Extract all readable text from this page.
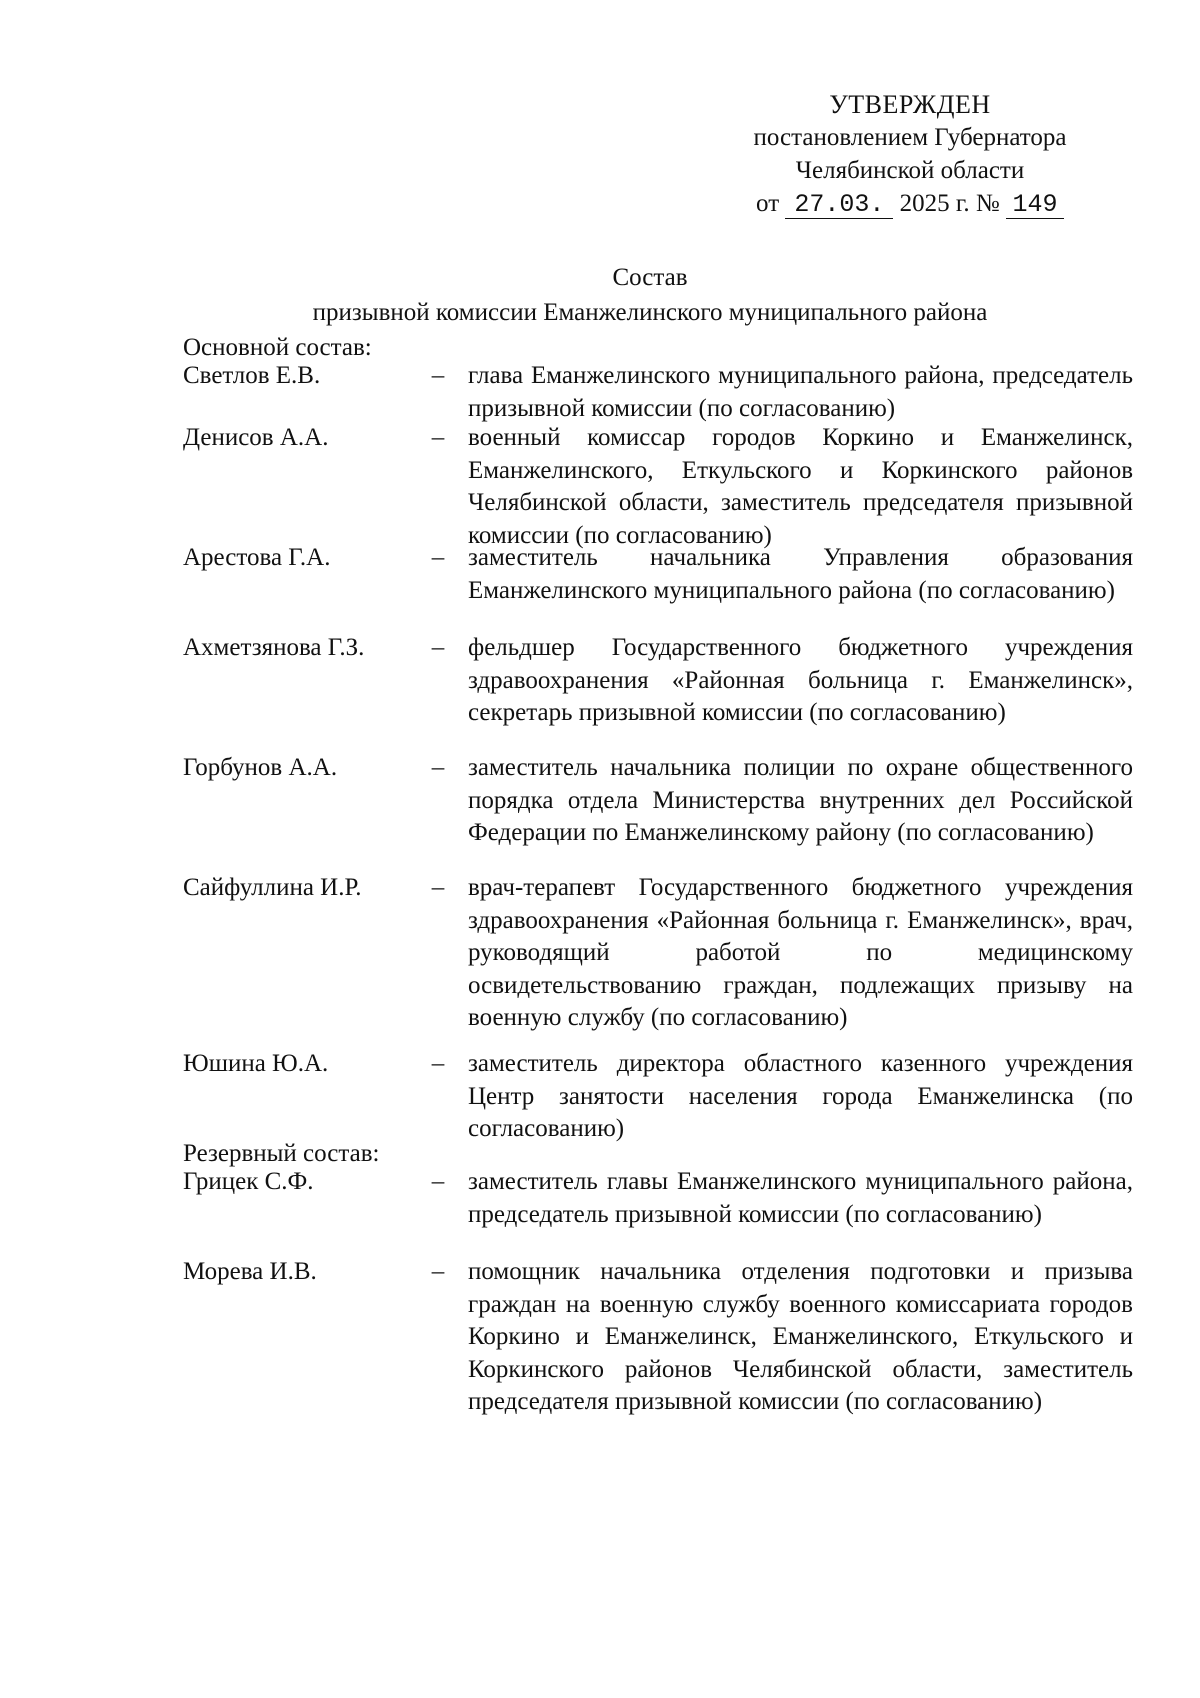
УТВЕРЖДЕН
постановлением Губернатора
Челябинской области
от 27.03. 2025 г. № 149
Состав
призывной комиссии Еманжелинского муниципального района
Основной состав:
Светлов Е.В.	– глава Еманжелинского муниципального района, председатель призывной комиссии (по согласованию)
Денисов А.А.	– военный комиссар городов Коркино и Еманжелинск, Еманжелинского, Еткульского и Коркинского районов Челябинской области, заместитель председателя призывной комиссии (по согласованию)
Арестова Г.А.	– заместитель начальника Управления образования Еманжелинского муниципального района (по согласованию)
Ахметзянова Г.З.	– фельдшер Государственного бюджетного учреждения здравоохранения «Районная больница г. Еманжелинск», секретарь призывной комиссии (по согласованию)
Горбунов А.А.	– заместитель начальника полиции по охране общественного порядка отдела Министерства внутренних дел Российской Федерации по Еманжелинскому району (по согласованию)
Сайфуллина И.Р.	– врач-терапевт Государственного бюджетного учреждения здравоохранения «Районная больница г. Еманжелинск», врач, руководящий работой по медицинскому освидетельствованию граждан, подлежащих призыву на военную службу (по согласованию)
Юшина Ю.А.	– заместитель директора областного казенного учреждения Центр занятости населения города Еманжелинска (по согласованию)
Резервный состав:
Грицек С.Ф.	– заместитель главы Еманжелинского муниципального района, председатель призывной комиссии (по согласованию)
Морева И.В.	– помощник начальника отделения подготовки и призыва граждан на военную службу военного комиссариата городов Коркино и Еманжелинск, Еманжелинского, Еткульского и Коркинского районов Челябинской области, заместитель председателя призывной комиссии (по согласованию)
